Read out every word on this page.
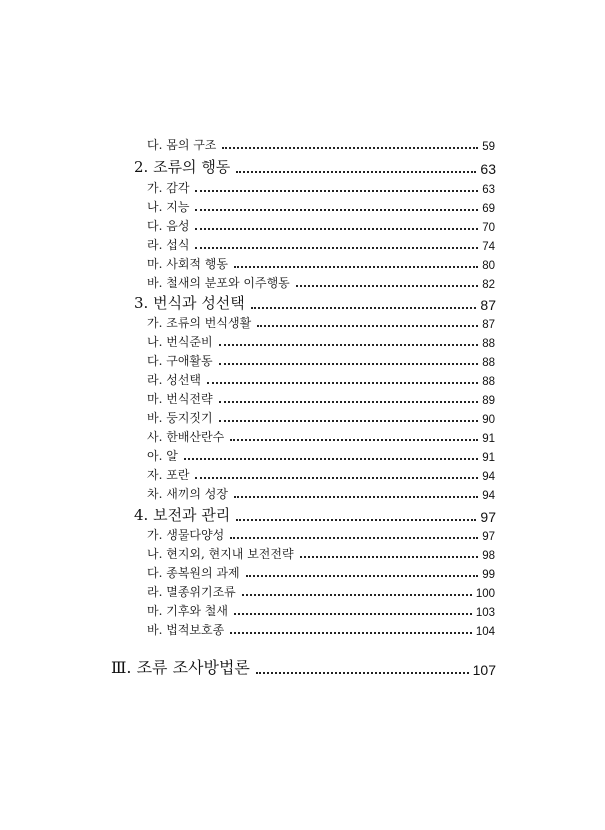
다. 몸의 구조	59
2. 조류의 행동	63
가. 감각	63
나. 지능	69
다. 음성	70
라. 섭식	74
마. 사회적 행동	80
바. 철새의 분포와 이주행동	82
3. 번식과 성선택	87
가. 조류의 번식생활	87
나. 번식준비	88
다. 구애활동	88
라. 성선택	88
마. 번식전략	89
바. 둥지짓기	90
사. 한배산란수	91
아. 알	91
자. 포란	94
차. 새끼의 성장	94
4. 보전과 관리	97
가. 생물다양성	97
나. 현지외, 현지내 보전전략	98
다. 종복원의 과제	99
라. 멸종위기조류	100
마. 기후와 철새	103
바. 법적보호종	104
Ⅲ. 조류 조사방법론	107
